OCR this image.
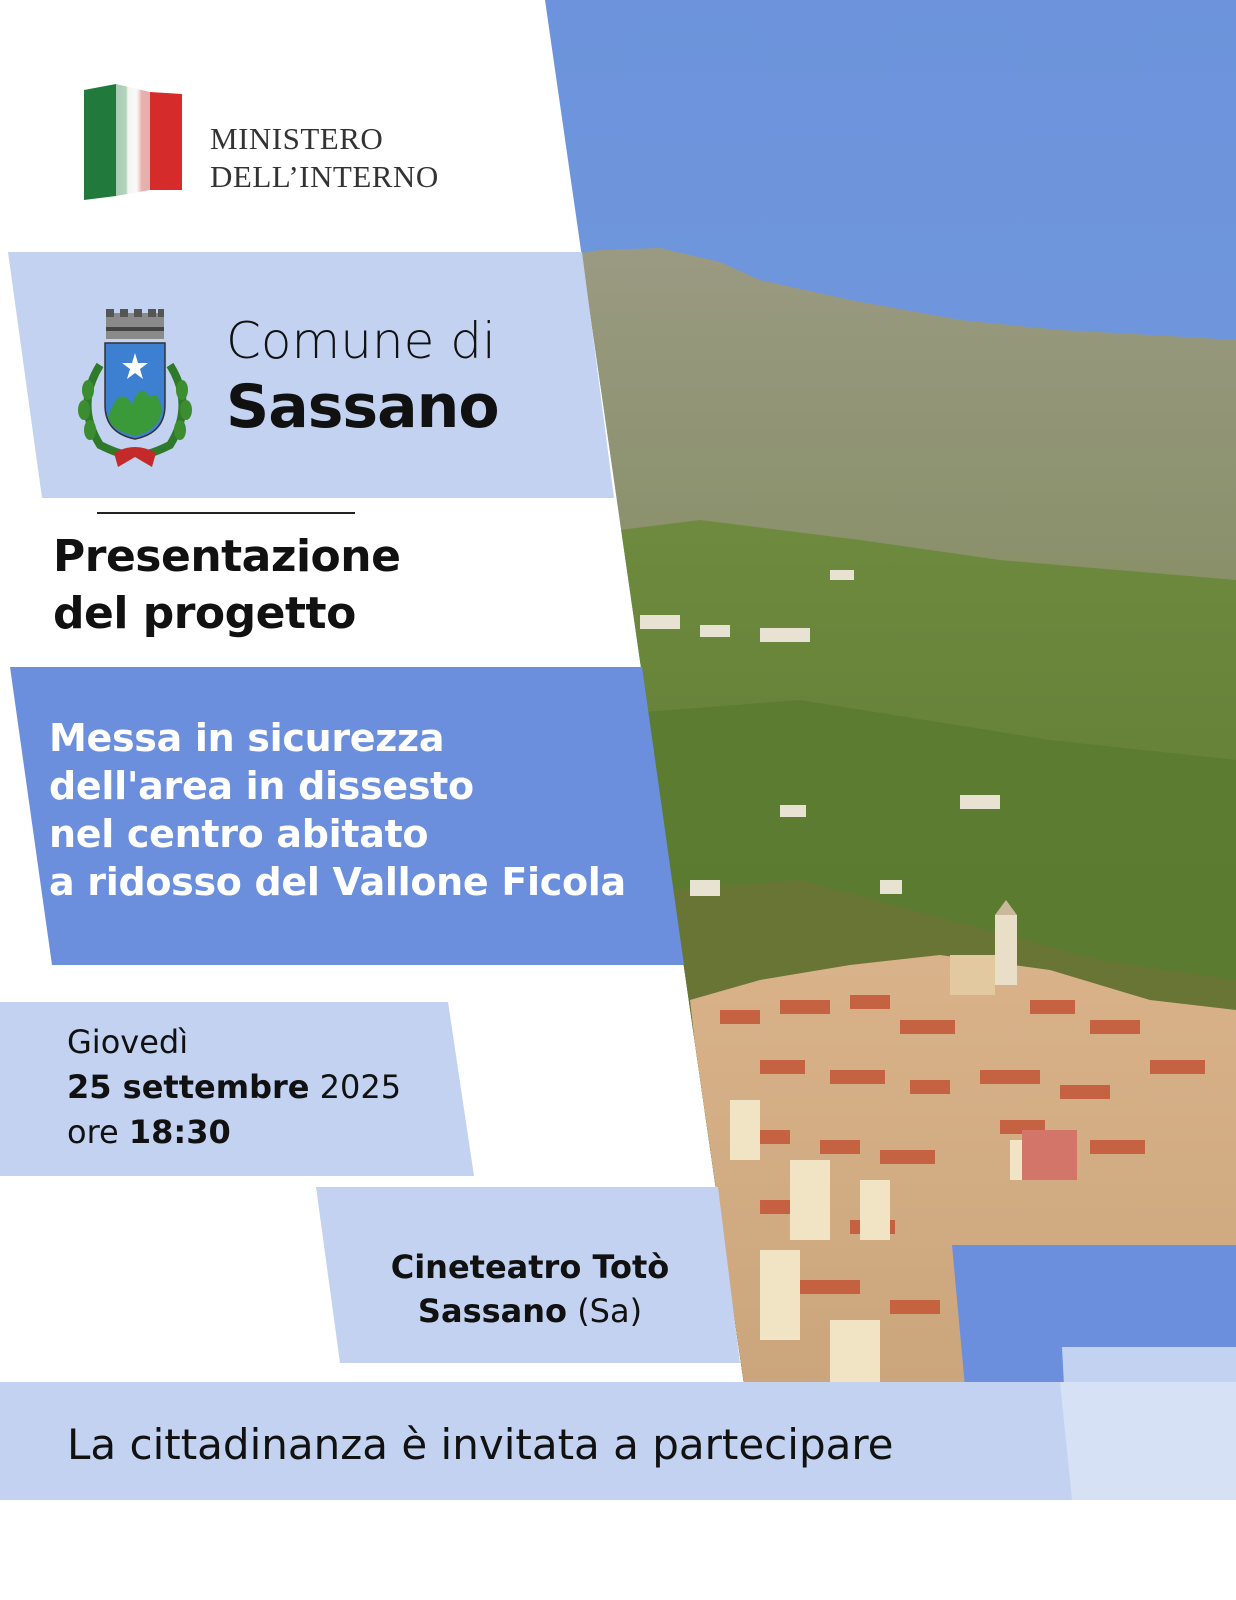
MINISTERO
DELL’INTERNO
Comune di
Sassano
Presentazione
del progetto
Messa in sicurezza
dell'area in dissesto
nel centro abitato
a ridosso del Vallone Ficola
Giovedì
25 settembre 2025
ore 18:30
Cineteatro Totò
Sassano (Sa)
La cittadinanza è invitata a partecipare
